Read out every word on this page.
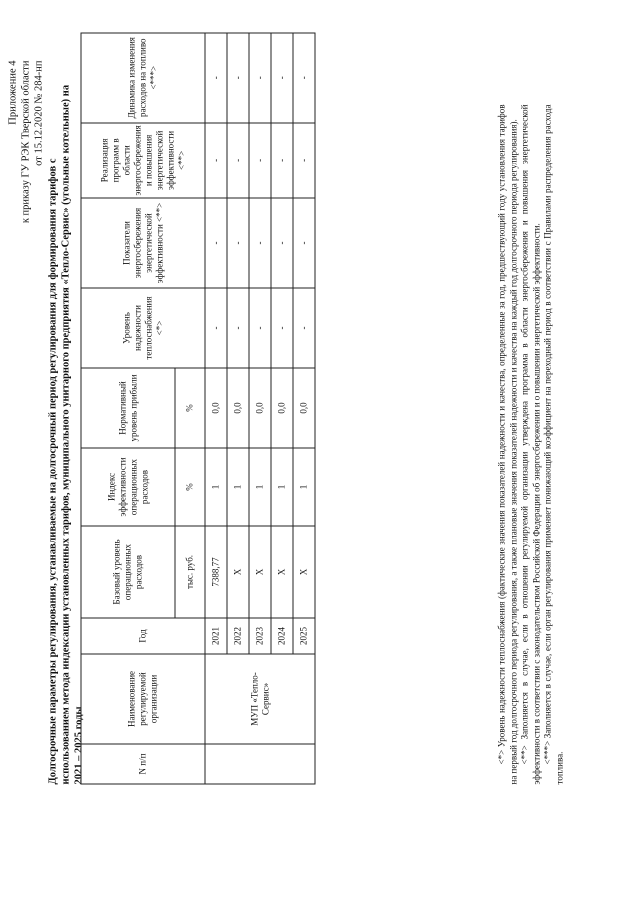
Приложение 4 к приказу ГУ РЭК Тверской области от 15.12.2020 № 284-нп
Долгосрочные параметры регулирования, устанавливаемые на долгосрочный период регулирования для формирования тарифов с использованием метода индексации установленных тарифов, муниципального унитарного предприятия «Тепло-Сервис» (угольные котельные) на 2021 – 2025 годы	N п/п	Наименование регулируемой организации	Год	Базовый уровень операционных расходов	Индекс эффективности операционных расходов	Нормативный уровень прибыли	Уровень надежности теплоснабжения <*>	Показатели энергосбережения энергетической эффективности <**>	Реализация программ в области энергосбережения и повышения энергетической эффективности <**>	Динамика изменения расходов на топливо <***>
			тыс. руб.	%	%				
	МУП «Тепло-Сервис»	2021	7388,77	1	0,0	-	-	-	-
		2022	Х	1	0,0	-	-	-	-
		2023	Х	1	0,0	-	-	-	-
		2024	Х	1	0,0	-	-	-	-
		2025	Х	1	0,0	-	-	-	-

<*> Уровень надежности теплоснабжения (фактические значения показателей надежности и качества, определенные за год, предшествующий году установления тарифов на первый год долгосрочного периода регулирования, а также плановые значения показателей надежности и качества на каждый год долгосрочного периода регулирования). <**> Заполняется в случае, если в отношении регулируемой организации утверждена программа в области энергосбережения и повышения энергетической эффективности в соответствии с законодательством Российской Федерации об энергосбережении и о повышении энергетической эффективности. <***> Заполняется в случае, если орган регулирования применяет понижающий коэффициент на переходный период в соответствии с Правилами распределения расхода топлива.
